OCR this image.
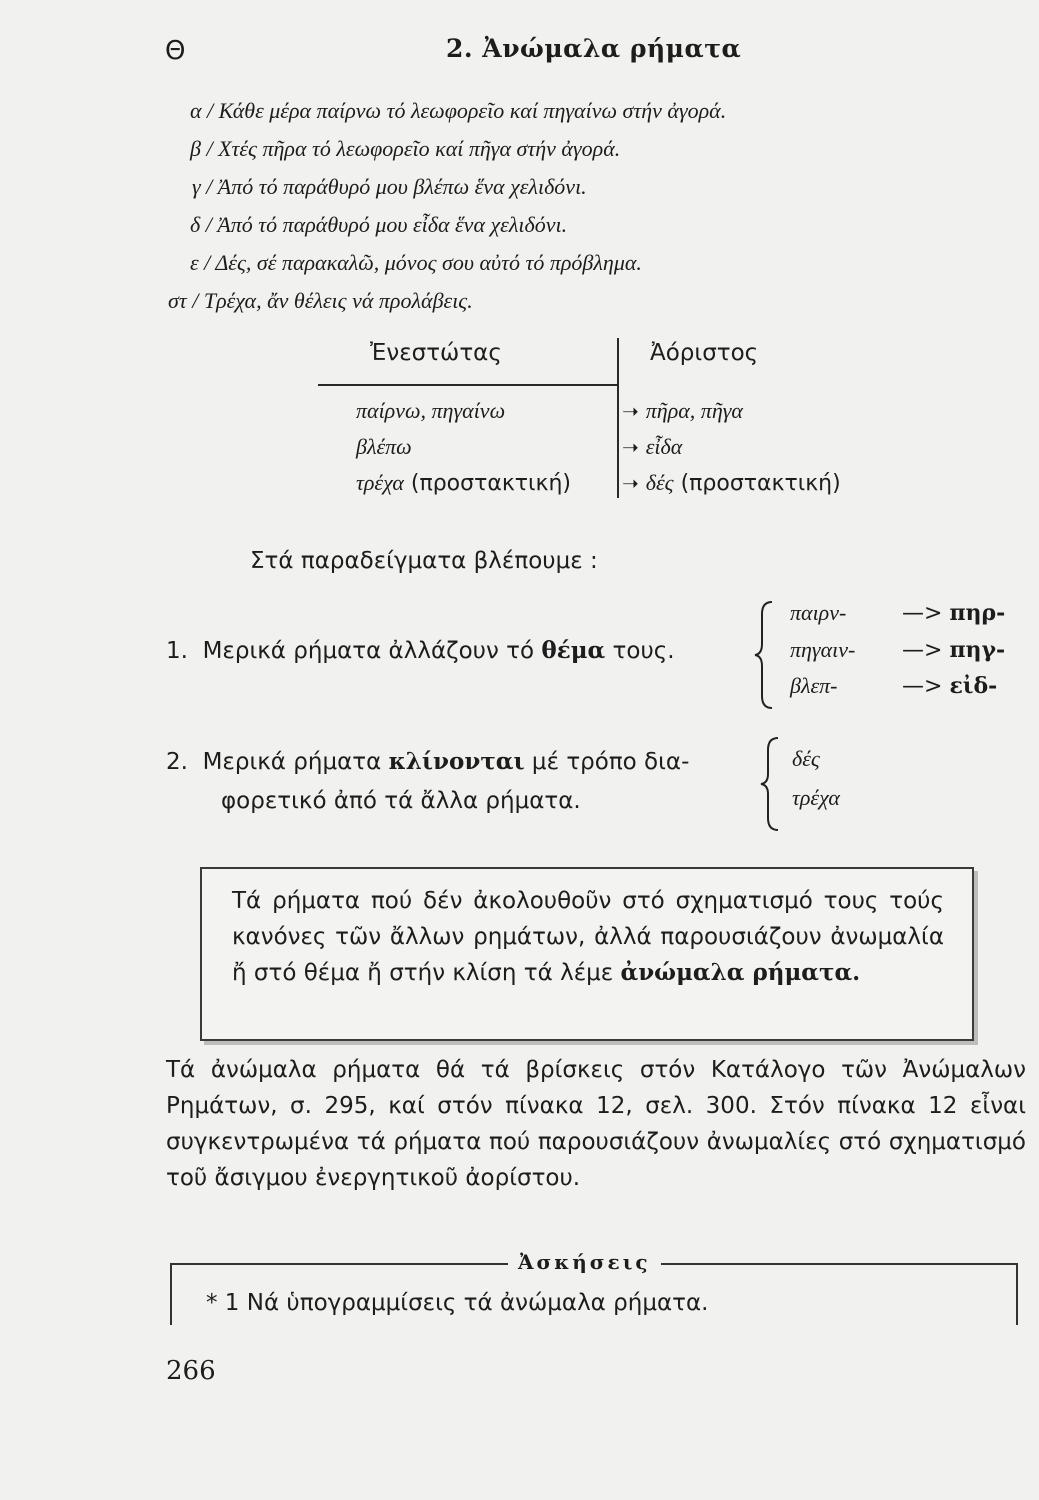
Θ	2. Ἀνώμαλα ρήματα
α / Κάθε μέρα παίρνω τό λεωφορεῖο καί πηγαίνω στήν ἀγορά.
β / Χτές πῆρα τό λεωφορεῖο καί πῆγα στήν ἀγορά.
γ / Ἀπό τό παράθυρό μου βλέπω ἕνα χελιδόνι.
δ / Ἀπό τό παράθυρό μου εἶδα ἕνα χελιδόνι.
ε / Δές, σέ παρακαλῶ, μόνος σου αὐτό τό πρόβλημα.
στ / Τρέχα, ἄν θέλεις νά προλάβεις.
Ἐνεστώτας	Ἀόριστος
παίρνω, πηγαίνω	➝ πῆρα, πῆγα
βλέπω	➝ εἶδα
τρέχα (προστακτική)	➝ δές (προστακτική)
Στά παραδείγματα βλέπουμε :
1. Μερικά ρήματα ἀλλάζουν τό θέμα τους.
παιρν-	—> πηρ-
πηγαιν- —> πηγ-
βλεπ-	—> εἰδ-
2. Μερικά ρήματα κλίνονται μέ τρόπο δια-
φορετικό ἀπό τά ἄλλα ρήματα.
δές
τρέχα
Τά ρήματα πού δέν ἀκολουθοῦν στό σχηματισμό τους τούς κανόνες τῶν ἄλλων ρημάτων, ἀλλά παρουσιάζουν ἀνωμαλία ἤ στό θέμα ἤ στήν κλίση τά λέμε ἀνώμαλα ρήματα.
Τά ἀνώμαλα ρήματα θά τά βρίσκεις στόν Κατάλογο τῶν Ἀνώμαλων Ρημάτων, σ. 295, καί στόν πίνακα 12, σελ. 300. Στόν πίνακα 12 εἶναι συγκεντρωμένα τά ρήματα πού παρουσιάζουν ἀνωμαλίες στό σχηματισμό τοῦ ἄσιγμου ἐνεργητικοῦ ἀορίστου.
Ἀσκήσεις
* 1 Νά ὑπογραμμίσεις τά ἀνώμαλα ρήματα.
266
